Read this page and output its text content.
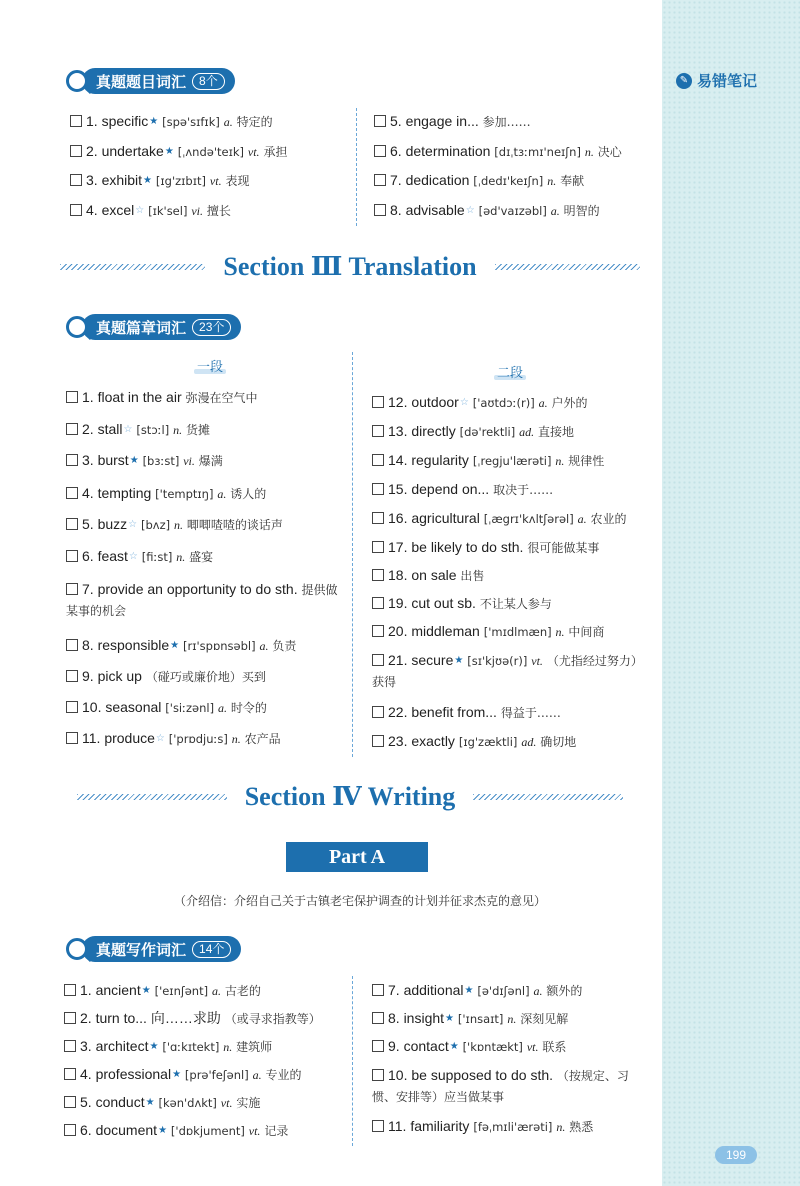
✎ 易错笔记
真题题目词汇	8个
1. specific★ [spə'sɪfɪk] a. 特定的
2. undertake★ [ˌʌndə'teɪk] vt. 承担
3. exhibit★ [ɪg'zɪbɪt] vt. 表现
4. excel☆ [ɪk'sel] vi. 擅长
5. engage in... 参加……
6. determination [dɪˌtɜːmɪ'neɪʃn] n. 决心
7. dedication [ˌdedɪ'keɪʃn] n. 奉献
8. advisable☆ [əd'vaɪzəbl] a. 明智的
Section Ⅲ Translation
真题篇章词汇	23个
一段	二段
1. float in the air 弥漫在空气中
2. stall☆ [stɔːl] n. 货摊
3. burst★ [bɜːst] vi. 爆满
4. tempting ['temptɪŋ] a. 诱人的
5. buzz☆ [bʌz] n. 唧唧喳喳的谈话声
6. feast☆ [fiːst] n. 盛宴
7. provide an opportunity to do sth. 提供做某事的机会
8. responsible★ [rɪ'spɒnsəbl] a. 负责
9. pick up （碰巧或廉价地）买到
10. seasonal ['siːzənl] a. 时令的
11. produce☆ ['prɒdjuːs] n. 农产品
12. outdoor☆ ['aʊtdɔː(r)] a. 户外的
13. directly [də'rektli] ad. 直接地
14. regularity [ˌregju'lærəti] n. 规律性
15. depend on... 取决于……
16. agricultural [ˌægrɪ'kʌltʃərəl] a. 农业的
17. be likely to do sth. 很可能做某事
18. on sale 出售
19. cut out sb. 不让某人参与
20. middleman ['mɪdlmæn] n. 中间商
21. secure★ [sɪ'kjʊə(r)] vt. （尤指经过努力）获得
22. benefit from... 得益于……
23. exactly [ɪg'zæktli] ad. 确切地
Section Ⅳ Writing
Part A
（介绍信：介绍自己关于古镇老宅保护调查的计划并征求杰克的意见）
真题写作词汇	14个
1. ancient★ ['eɪnʃənt] a. 古老的
2. turn to... 向……求助 （或寻求指教等）
3. architect★ ['ɑːkɪtekt] n. 建筑师
4. professional★ [prə'feʃənl] a. 专业的
5. conduct★ [kən'dʌkt] vt. 实施
6. document★ ['dɒkjument] vt. 记录
7. additional★ [ə'dɪʃənl] a. 额外的
8. insight★ ['ɪnsaɪt] n. 深刻见解
9. contact★ ['kɒntækt] vt. 联系
10. be supposed to do sth. （按规定、习惯、安排等）应当做某事
11. familiarity [fəˌmɪli'ærəti] n. 熟悉
199
